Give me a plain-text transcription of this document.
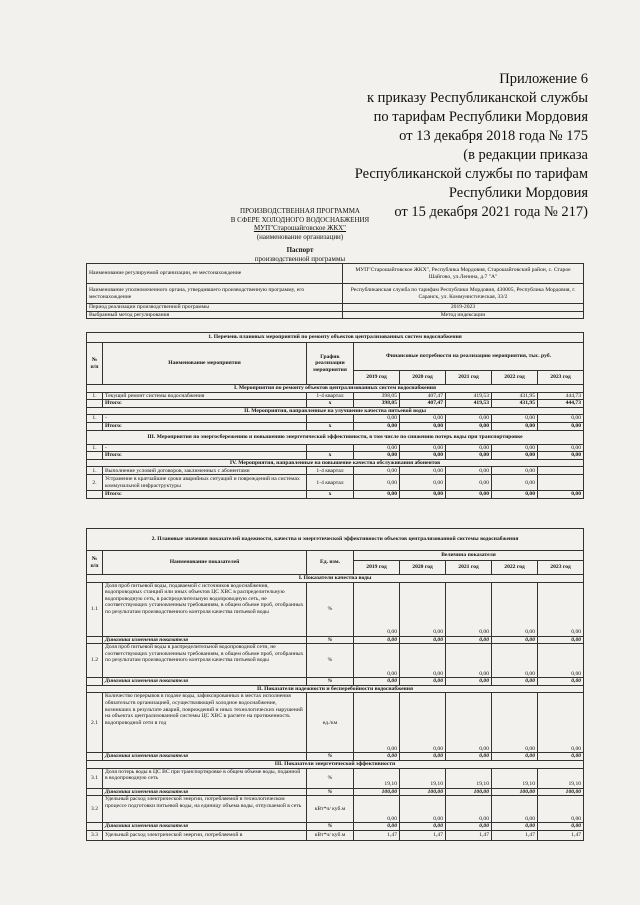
Приложение 6
к приказу Республиканской службы
по тарифам Республики Мордовия
от 13 декабря 2018 года № 175
(в редакции приказа
Республиканской службы по тарифам
Республики Мордовия
от 15 декабря 2021 года № 217)
ПРОИЗВОДСТВЕННАЯ ПРОГРАММА
В СФЕРЕ ХОЛОДНОГО ВОДОСНАБЖЕНИЯ
МУП"Старошайговское ЖКХ"
(наименование организации)
Паспорт
производственной программы
Наименование регулируемой организации, ее местонахождение	МУП"Старошайговское ЖКХ", Республика Мордовия, Старошайговский район, с. Старое Шайгово, ул.Ленина, д.7 "А"
Наименование уполномоченного органа, утвердившего производственную программу, его местонахождение	Республиканская служба по тарифам Республики Мордовия, 430005, Республика Мордовия, г. Саранск, ул. Коммунистическая, 33/2
Период реализации производственной программы	2019-2023
Выбранный метод регулирования	Метод индексации
1. Перечень плановых мероприятий по ремонту объектов централизованных систем водоснабжения							
№ п/п	Наименование мероприятия	График реализации мероприятия	Финансовые потребности на реализацию мероприятия, тыс. руб.				
			2019 год	2020 год	2021 год	2022 год	2023 год
I. Мероприятия по ремонту объектов централизованных систем водоснабжения							
1.	Текущий ремонт системы водоснабжения	1-4 квартал	398,05	407,47	419,53	431,95	444,73
	Итого:	х	398,05	407,47	419,53	431,95	444,73
II. Мероприятия, направленные на улучшение качества питьевой воды							
1.	-		0,00	0,00	0,00	0,00	0,00
	Итого:	х	0,00	0,00	0,00	0,00	0,00
III. Мероприятия по энергосбережению и повышению энергетической эффективности, в том числе по снижению потерь воды при транспортировке							
1.	-		0,00	0,00	0,00	0,00	0,00
	Итого:	х	0,00	0,00	0,00	0,00	0,00
IV. Мероприятия, направленные на повышение качества обслуживания абонентов							
1.	Выполнение условий договоров, заключенных с абонентами	1-4 квартал	0,00	0,00	0,00	0,00	
2.	Устранение в кратчайшие сроки аварийных ситуаций и повреждений на системах коммунальной инфраструктуры	1-4 квартал	0,00	0,00	0,00	0,00	
	Итого:	х	0,00	0,00	0,00	0,00	0,00
2. Плановые значения показателей надежности, качества и энергетической эффективности объектов централизованной системы водоснабжения							
№ п/п	Наименование показателей	Ед. изм.	Величина показателя				
			2019 год	2020 год	2021 год	2022 год	2023 год
I. Показатели качества воды							
1.1	Доля проб питьевой воды, подаваемой с источников водоснабжения, водопроводных станций или иных объектов ЦС ХВС в распределительную водопроводную сеть, в распределительную водопроводную сеть, не соответствующих установленным требованиям, в общем объеме проб, отобранных по результатам производственного контроля качества питьевой воды	%	0,00	0,00	0,00	0,00	0,00
	Динамика изменения показателя	%	0,00	0,00	0,00	0,00	0,00
1.2	Доля проб питьевой воды в распределительной водопроводной сети, не соответствующих установленным требованиям, в общем объеме проб, отобранных по результатам производственного контроля качества питьевой воды	%	0,00	0,00	0,00	0,00	0,00
	Динамика изменения показателя	%	0,00	0,00	0,00	0,00	0,00
II. Показатели надежности и бесперебойности водоснабжения							
2.1	Количество перерывов в подаче воды, зафиксированных в местах исполнения обязательств организацией, осуществляющей холодное водоснабжение, возникших в результате аварий, повреждений и иных технологических нарушений на объектах централизованной системы ЦС ХВС в расчете на протяженность водопроводной сети в год	ед./км	0,00	0,00	0,00	0,00	0,00
	Динамика изменения показателя	%	0,00	0,00	0,00	0,00	0,00
III. Показатели энергетической эффективности							
3.1	Доля потерь воды в ЦС ВС при транспортировке в общем объеме воды, поданной в водопроводную сеть	%	19,10	19,10	19,10	19,10	19,10
	Динамика изменения показателя	%	100,00	100,00	100,00	100,00	100,00
3.2	Удельный расход электрической энергии, потребляемой в технологическом процессе подготовки питьевой воды, на единицу объема воды, отпускаемой в сеть	кВт*ч/ куб.м	0,00	0,00	0,00	0,00	0,00
	Динамика изменения показателя	%	0,00	0,00	0,00	0,00	0,00
3.3	Удельный расход электрической энергии, потребляемой в	кВт*ч/ куб.м	1,47	1,47	1,47	1,47	1,47
